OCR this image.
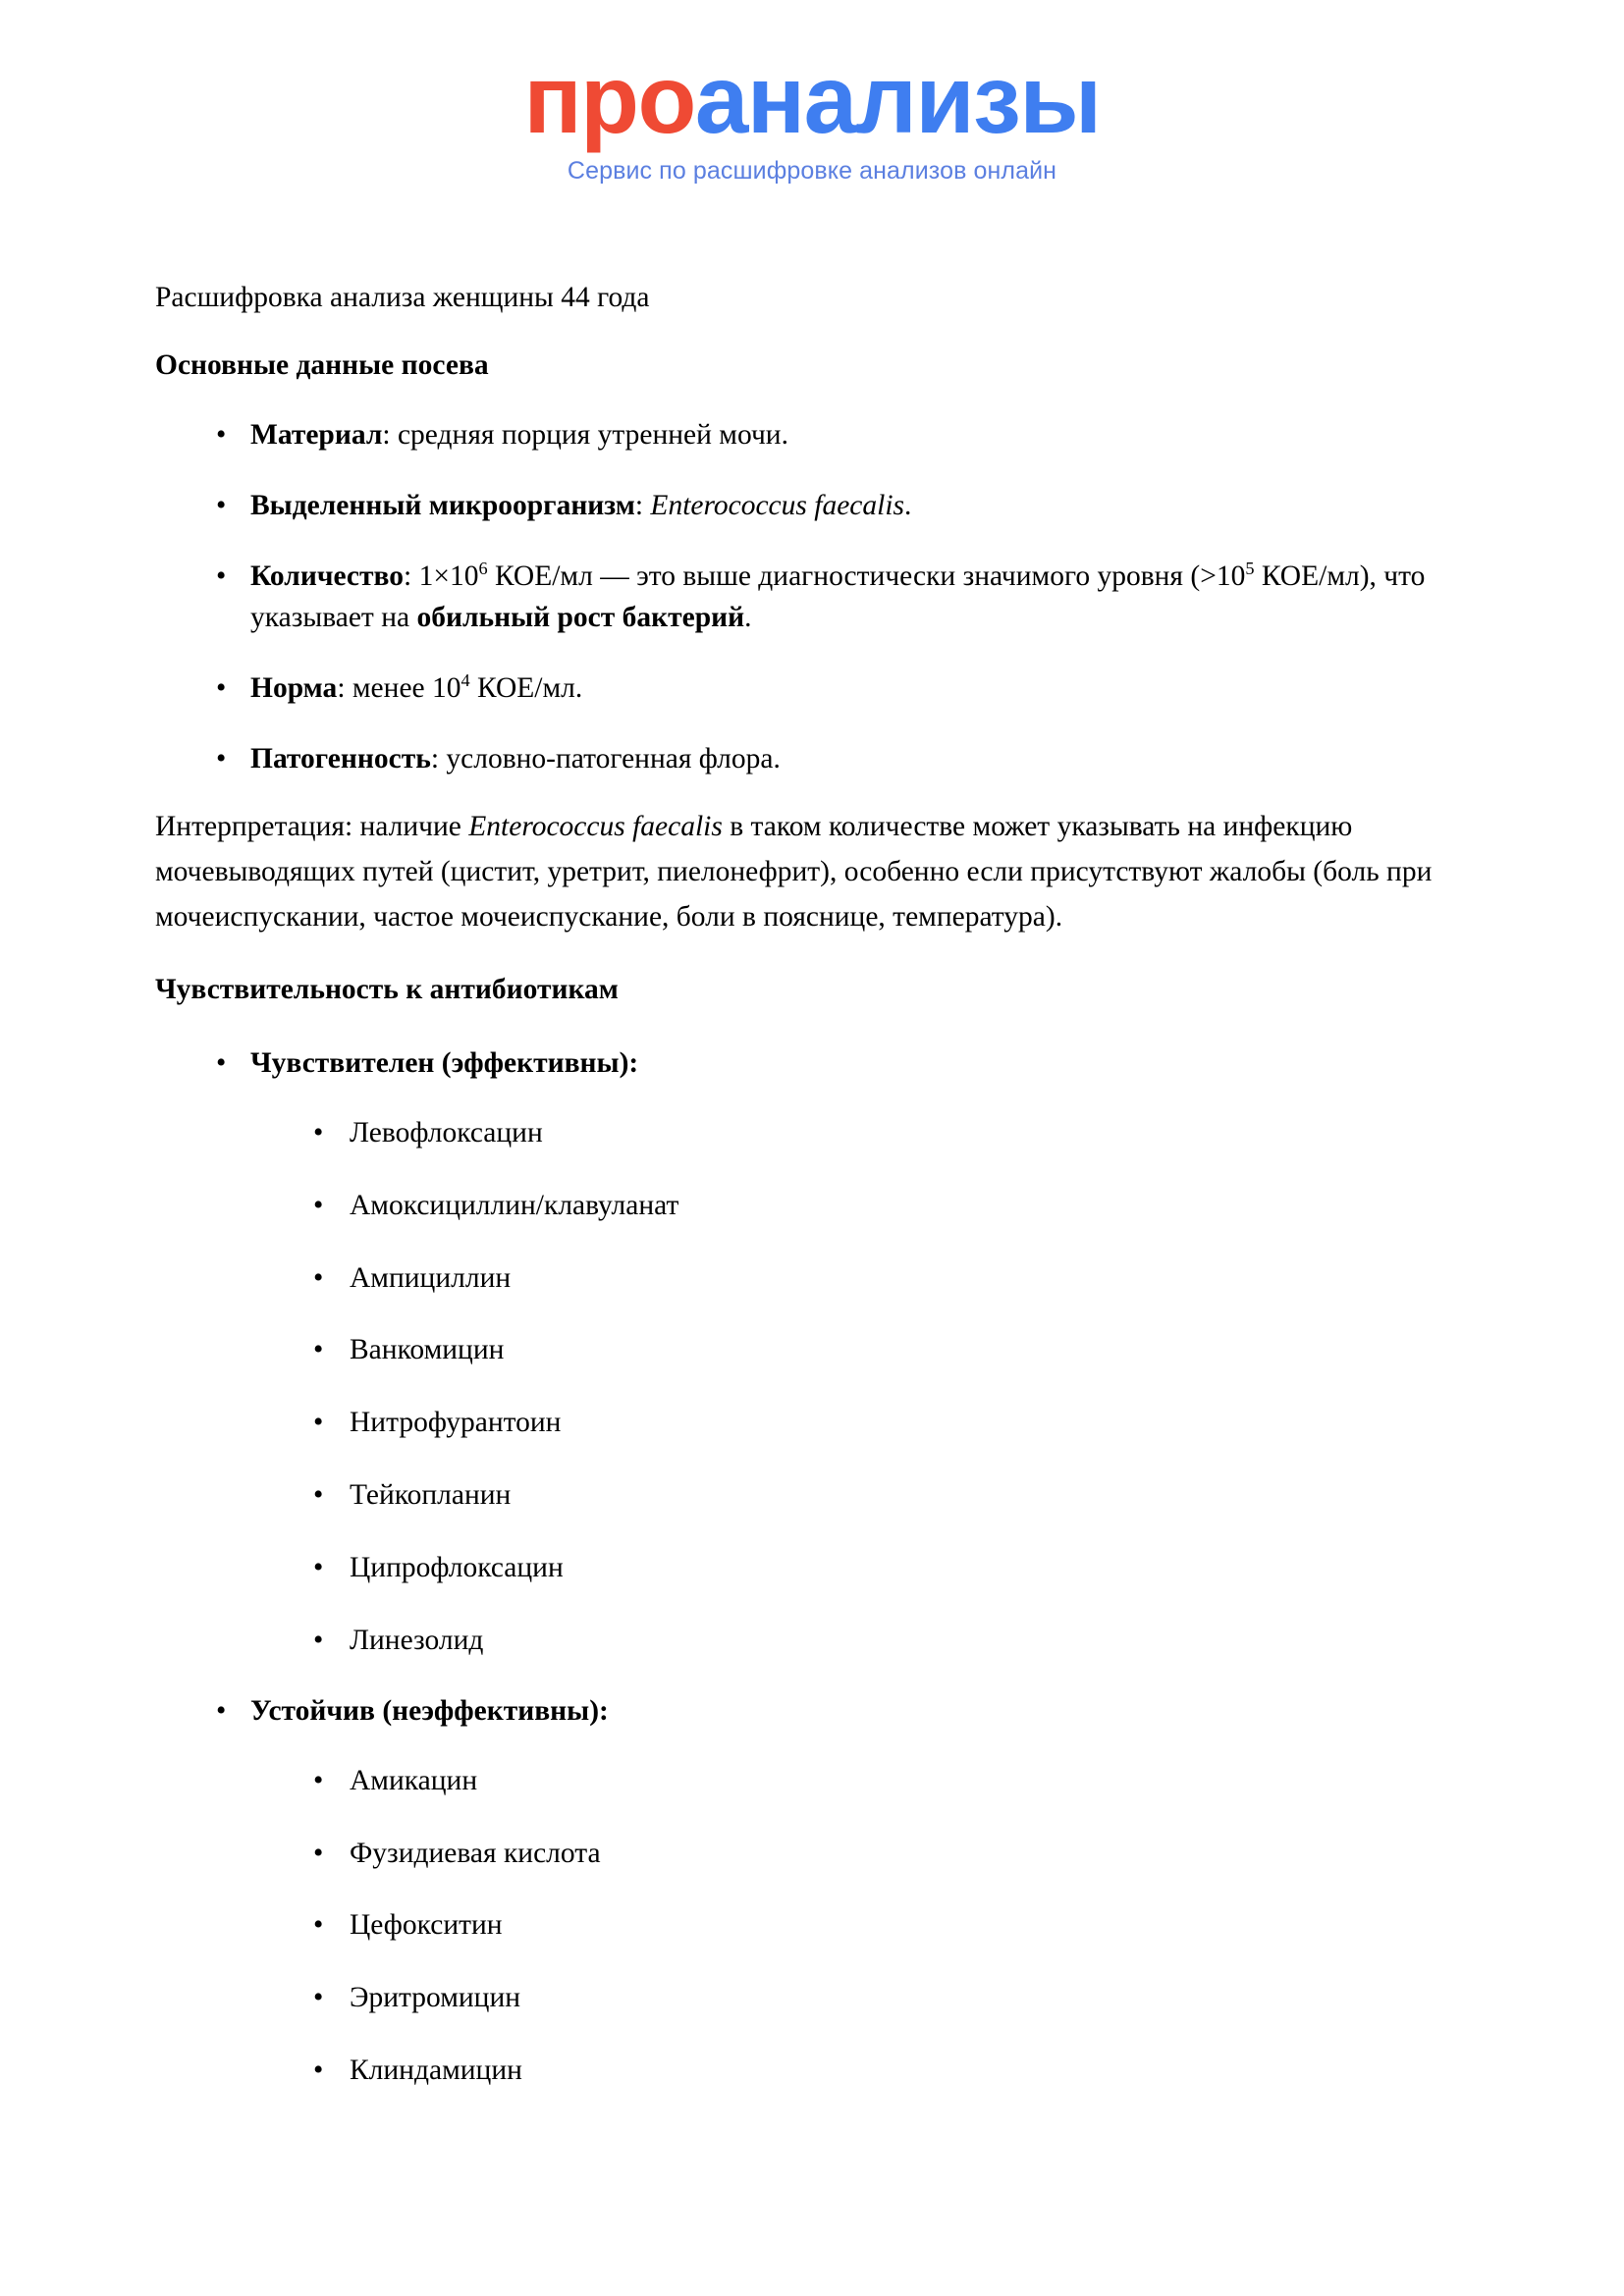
проанализы
Сервис по расшифровке анализов онлайн

Расшифровка анализа женщины 44 года

Основные данные посева

• Материал: средняя порция утренней мочи.
• Выделенный микроорганизм: Enterococcus faecalis.
• Количество: $1\times 10^6$ КОЕ/мл — это выше диагностически значимого уровня ($>10^5$ КОЕ/мл), что указывает на обильный рост бактерий.
• Норма: менее $10^4$ КОЕ/мл.
• Патогенность: условно-патогенная флора.

Интерпретация: наличие Enterococcus faecalis в таком количестве может указывать на инфекцию мочевыводящих путей (цистит, уретрит, пиелонефрит), особенно если присутствуют жалобы (боль при мочеиспускании, частое мочеиспускание, боли в пояснице, температура).

Чувствительность к антибиотикам

• Чувствителен (эффективны):
• Левофлоксацин
• Амоксициллин/клавуланат
• Ампициллин
• Ванкомицин
• Нитрофурантоин
• Тейкопланин
• Ципрофлоксацин
• Линезолид
• Устойчив (неэффективны):
• Амикацин
• Фузидиевая кислота
• Цефокситин
• Эритромицин
• Клиндамицин
